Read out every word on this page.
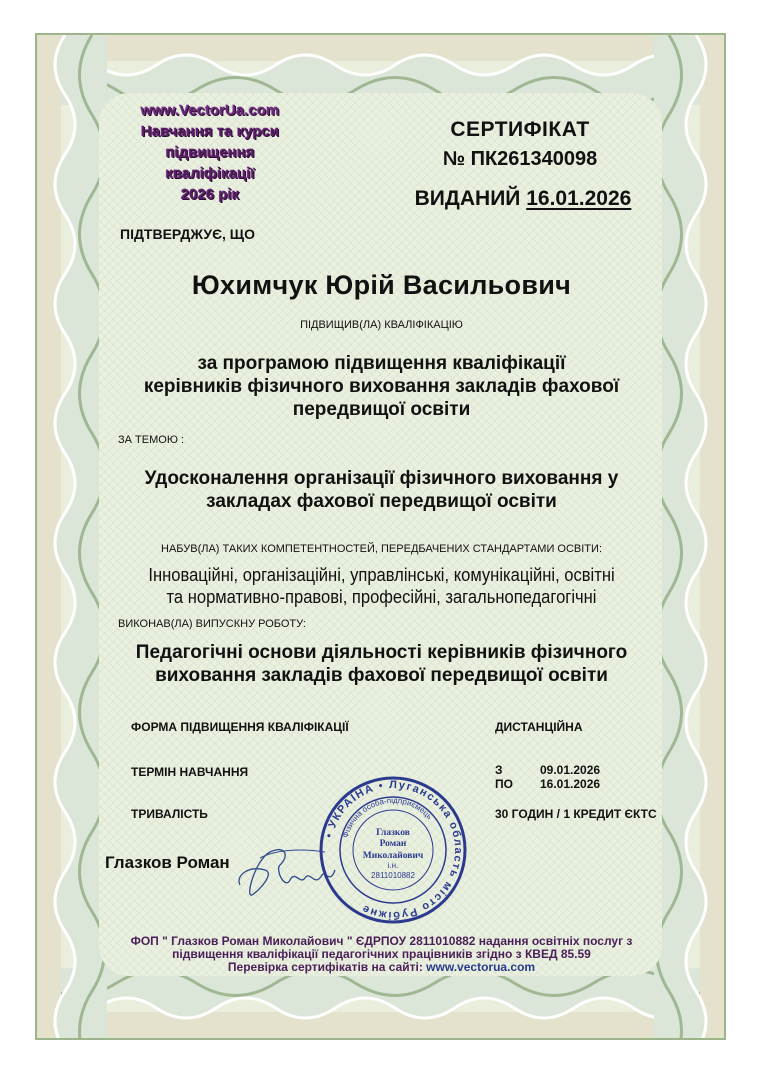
www.VectorUa.com
Навчання та курси
підвищення
кваліфікації
2026 рік
СЕРТИФІКАТ
№ ПК261340098
ВИДАНИЙ 16.01.2026
ПІДТВЕРДЖУЄ, ЩО
Юхимчук Юрій Васильович
ПІДВИЩИВ(ЛА) КВАЛІФІКАЦІЮ
за програмою підвищення кваліфікації
керівників фізичного виховання закладів фахової
передвищої освіти
ЗА ТЕМОЮ :
Удосконалення організації фізичного виховання у
закладах фахової передвищої освіти
НАБУВ(ЛА) ТАКИХ КОМПЕТЕНТНОСТЕЙ, ПЕРЕДБАЧЕНИХ СТАНДАРТАМИ ОСВІТИ:
Інноваційні, організаційні, управлінські, комунікаційні, освітні
та нормативно-правові, професійні, загальнопедагогічні
ВИКОНАВ(ЛА) ВИПУСКНУ РОБОТУ:
Педагогічні основи діяльності керівників фізичного
виховання закладів фахової передвищої освіти
ФОРМА ПІДВИЩЕННЯ КВАЛІФІКАЦІЇ	ДИСТАНЦІЙНА
ТЕРМІН НАВЧАННЯ	З	09.01.2026
ПО 16.01.2026
ТРИВАЛІСТЬ	30 ГОДИН / 1 КРЕДИТ ЄКТС
Глазков Роман
• УКРАЇНА • Луганська область місто Рубіжне
Фізична особа-підприємець
Глазков
Роман
Миколайович
і.н.
2811010882
ФОП " Глазков Роман Миколайович " ЄДРПОУ 2811010882 надання освітніх послуг з
підвищення кваліфікації педагогічних працівників згідно з КВЕД 85.59
Перевірка сертифікатів на сайті: www.vectorua.com
